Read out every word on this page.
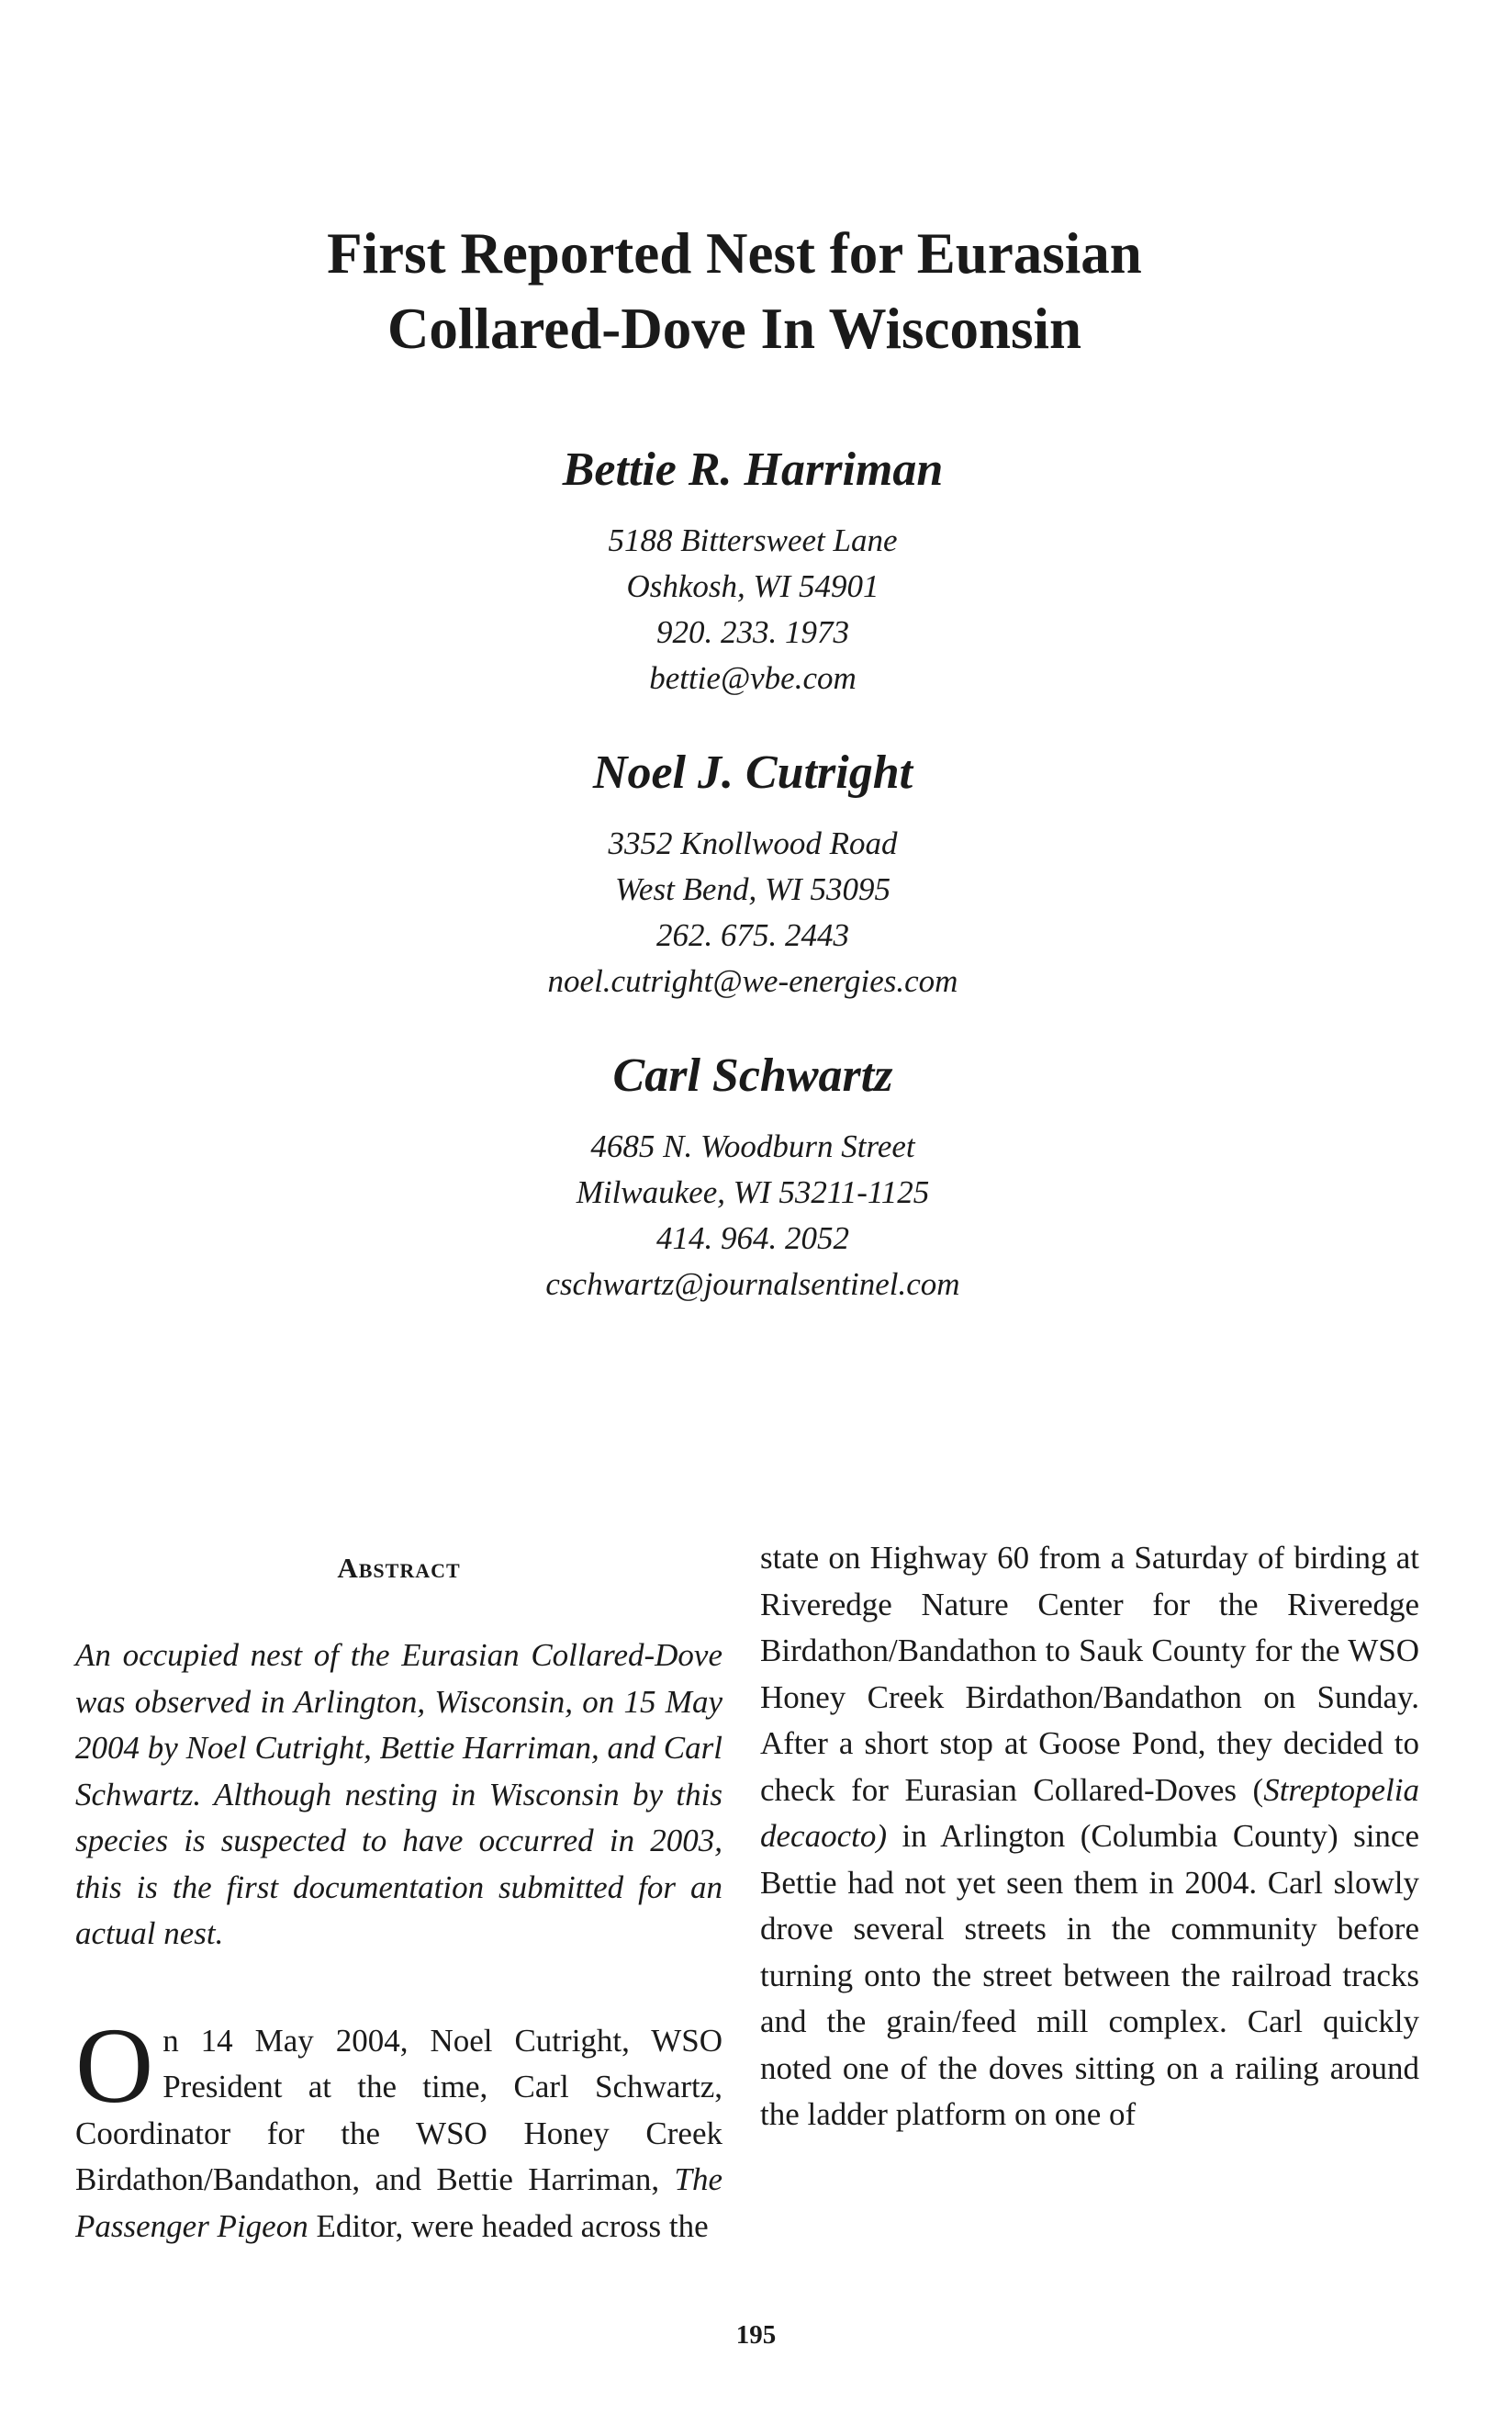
First Reported Nest for Eurasian
Collared-Dove In Wisconsin

Bettie R. Harriman

5188 Bittersweet Lane

Oshkosh, WI 54901

920. 233. 1973

bettie@vbe.com

Noel J. Cutright

3352 Knollwood Road

West Bend, WI 53095

262. 675. 2443

noel.cutright@we-energies.com

Carl Schwartz

4685 N. Woodburn Street

Milwaukee, WI 53211-1125

414. 964. 2052

cschwartz@journalsentinel.com

Abstract

An occupied nest of the Eurasian Collared-Dove was observed in Arlington, Wisconsin, on 15 May 2004 by Noel Cutright, Bettie Harriman, and Carl Schwartz. Although nesting in Wisconsin by this species is suspected to have occurred in 2003, this is the first documentation submitted for an actual nest.

On 14 May 2004, Noel Cutright, WSO President at the time, Carl Schwartz, Coordinator for the WSO Honey Creek Birdathon/Bandathon, and Bettie Harriman, The Passenger Pigeon Editor, were headed across the

state on Highway 60 from a Saturday of birding at Riveredge Nature Center for the Riveredge Birdathon/Bandathon to Sauk County for the WSO Honey Creek Birdathon/Bandathon on Sunday. After a short stop at Goose Pond, they decided to check for Eurasian Collared-Doves (Streptopelia decaocto) in Arlington (Columbia County) since Bettie had not yet seen them in 2004. Carl slowly drove several streets in the community before turning onto the street between the railroad tracks and the grain/feed mill complex. Carl quickly noted one of the doves sitting on a railing around the ladder platform on one of

195
